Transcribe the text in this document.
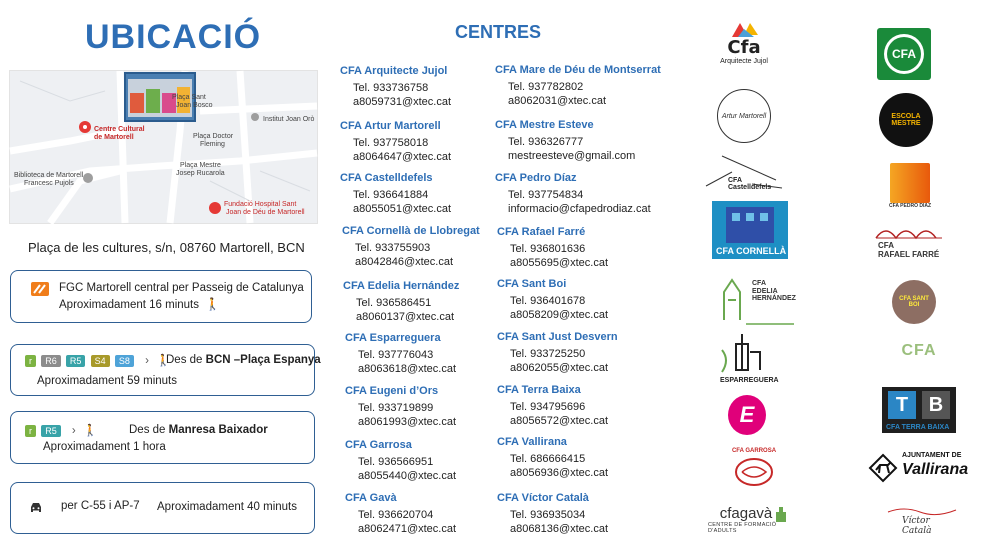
UBICACIÓ
Plaça Sant
Joan Bosco
Institut Joan Orò
Plaça Doctor
Fleming
Plaça Mestre
Josep Rucarola
Biblioteca de Martorell
Francesc Pujols
Fundació Hospital Sant
Joan de Déu de Martorell
Centre Cultural
de Martorell
Plaça de les cultures, s/n, 08760 Martorell, BCN
FGC Martorell central per Passeig de Catalunya
Aproximadament 16 minuts 🚶
r R6 R5 S4 S8 › 🚶
Des de BCN –Plaça Espanya
Aproximadament 59 minuts
r R5 › 🚶	Des de Manresa Baixador
Aproximadament 1 hora
per C-55 i AP-7 Aproximadament 40 minuts
CENTRES
CFA Arquitecte Jujol
Tel. 933736758
a8059731@xtec.cat
CFA Artur Martorell
Tel. 937758018
a8064647@xtec.cat
CFA Castelldefels
Tel. 936641884
a8055051@xtec.cat
CFA Cornellà de Llobregat
Tel. 933755903
a8042846@xtec.cat
CFA Edelia Hernández
Tel. 936586451
a8060137@xtec.cat
CFA Esparreguera
Tel. 937776043
a8063618@xtec.cat
CFA Eugeni d’Ors
Tel. 933719899
a8061993@xtec.cat
CFA Garrosa
Tel. 936566951
a8055440@xtec.cat
CFA Gavà
Tel. 936620704
a8062471@xtec.cat
CFA Mare de Déu de Montserrat
Tel. 937782802
a8062031@xtec.cat
CFA Mestre Esteve
Tel. 936326777
mestreesteve@gmail.com
CFA Pedro Díaz
Tel. 937754834
informacio@cfapedrodiaz.cat
CFA Rafael Farré
Tel. 936801636
a8055695@xtec.cat
CFA Sant Boi
Tel. 936401678
a8058209@xtec.cat
CFA Sant Just Desvern
Tel. 933725250
a8062055@xtec.cat
CFA Terra Baixa
Tel. 934795696
a8056572@xtec.cat
CFA Vallirana
Tel. 686666415
a8056936@xtec.cat
CFA Víctor Català
Tel. 936935034
a8068136@xtec.cat
Cfa
Arquitecte Jujol
Artur Martorell
CFA Castelldefels
CFA CORNELLÀ
CFA
EDELIA
HERNÁNDEZ
ESPARREGUERA
E
CFA GARROSA
cfagavà
CENTRE DE FORMACIÓ D'ADULTS
CFA
ESCOLA MESTRE
CFA PEDRO DIAZ
CFA
RAFAEL FARRÉ
CFA SANT BOI
CFA
T	B
CFA TERRA BAIXA
AJUNTAMENT DE
Vallirana
Víctor Català
